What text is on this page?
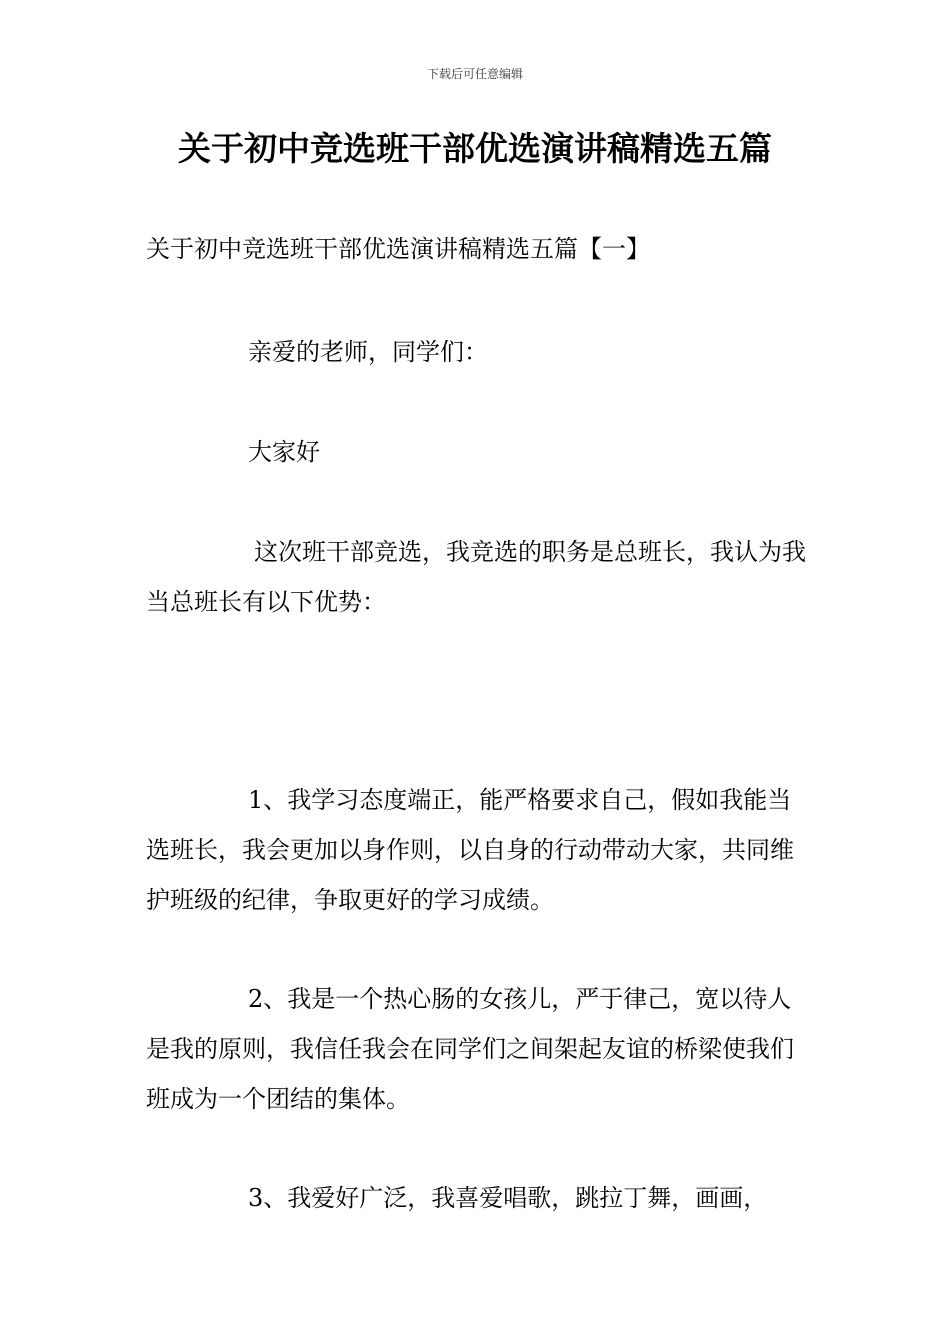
下载后可任意编辑
关于初中竞选班干部优选演讲稿精选五篇
关于初中竞选班干部优选演讲稿精选五篇【一】

亲爱的老师，同学们：

大家好

这次班干部竞选，我竞选的职务是总班长，我认为我当总班长有以下优势：

1、我学习态度端正，能严格要求自己，假如我能当选班长，我会更加以身作则，以自身的行动带动大家，共同维护班级的纪律，争取更好的学习成绩。

2、我是一个热心肠的女孩儿，严于律己，宽以待人是我的原则，我信任我会在同学们之间架起友谊的桥梁使我们班成为一个团结的集体。

3、我爱好广泛，我喜爱唱歌，跳拉丁舞，画画，
